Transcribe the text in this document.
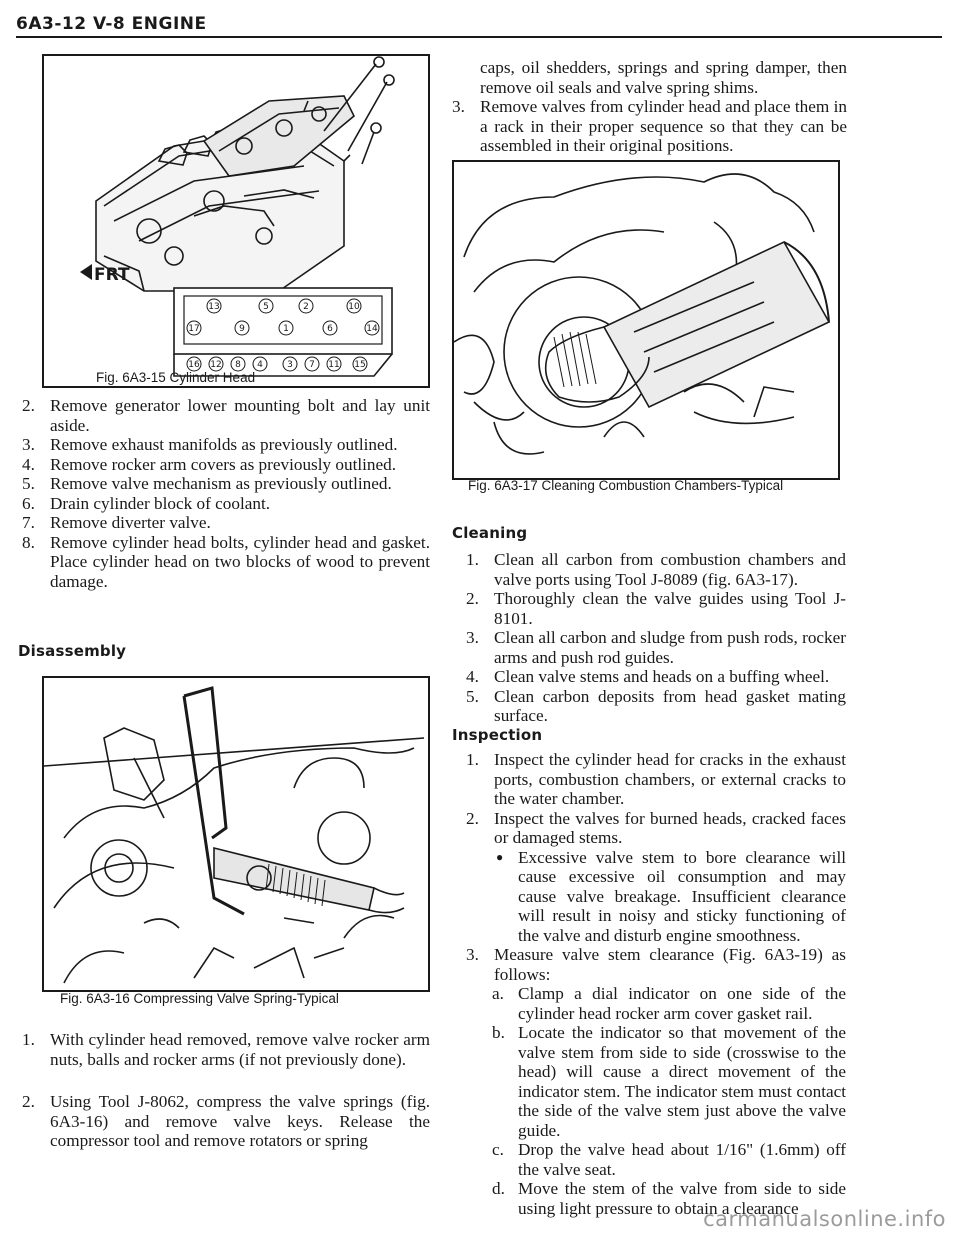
6A3-12 V-8 ENGINE
FRT
13	5	2	10
17	9	1	6	14
16 12 8 4	3 7 11 15
Fig. 6A3-15 Cylinder Head
2. Remove generator lower mounting bolt and lay unit aside.
3. Remove exhaust manifolds as previously outlined.
4. Remove rocker arm covers as previously outlined.
5. Remove valve mechanism as previously outlined.
6. Drain cylinder block of coolant.
7. Remove diverter valve.
8. Remove cylinder head bolts, cylinder head and gasket. Place cylinder head on two blocks of wood to prevent damage.
Disassembly
Fig. 6A3-16 Compressing Valve Spring-Typical
1. With cylinder head removed, remove valve rocker arm nuts, balls and rocker arms (if not previously done).
2. Using Tool J-8062, compress the valve springs (fig. 6A3-16) and remove valve keys. Release the compressor tool and remove rotators or spring
caps, oil shedders, springs and spring damper, then remove oil seals and valve spring shims.
3. Remove valves from cylinder head and place them in a rack in their proper sequence so that they can be assembled in their original positions.
Fig. 6A3-17 Cleaning Combustion Chambers-Typical
Cleaning
1. Clean all carbon from combustion chambers and valve ports using Tool J-8089 (fig. 6A3-17).
2. Thoroughly clean the valve guides using Tool J-8101.
3. Clean all carbon and sludge from push rods, rocker arms and push rod guides.
4. Clean valve stems and heads on a buffing wheel.
5. Clean carbon deposits from head gasket mating surface.
Inspection
1. Inspect the cylinder head for cracks in the exhaust ports, combustion chambers, or external cracks to the water chamber.
2. Inspect the valves for burned heads, cracked faces or damaged stems.
● Excessive valve stem to bore clearance will cause excessive oil consumption and may cause valve breakage. Insufficient clearance will result in noisy and sticky functioning of the valve and disturb engine smoothness.
3. Measure valve stem clearance (Fig. 6A3-19) as follows:
a. Clamp a dial indicator on one side of the cylinder head rocker arm cover gasket rail.
b. Locate the indicator so that movement of the valve stem from side to side (crosswise to the head) will cause a direct movement of the indicator stem. The indicator stem must contact the side of the valve stem just above the valve guide.
c. Drop the valve head about 1/16" (1.6mm) off the valve seat.
d. Move the stem of the valve from side to side using light pressure to obtain a clearance
carmanualsonline.info
